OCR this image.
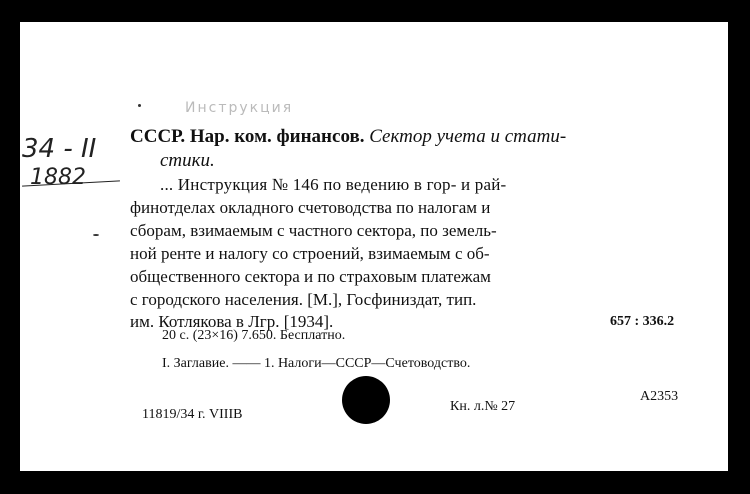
Инструкция
34 - II
1882
СССР. Нар. ком. финансов. Сектор учета и стати-
стики.
... Инструкция № 146 по ведению в гор- и рай-
финотделах окладного счетоводства по налогам и
сборам, взимаемым с частного сектора, по земель-
ной ренте и налогу со строений, взимаемым с об-
общественного сектора и по страховым платежам
с городского населения. [М.], Госфиниздат, тип.
им. Котлякова в Лгр. [1934].
20 с. (23×16) 7.650. Бесплатно.
657 : 336.2
I. Заглавие. —— 1. Налоги—СССР—Счетоводство.
11819/34 г. VIIIB
Кн. л.№ 27
А2353
